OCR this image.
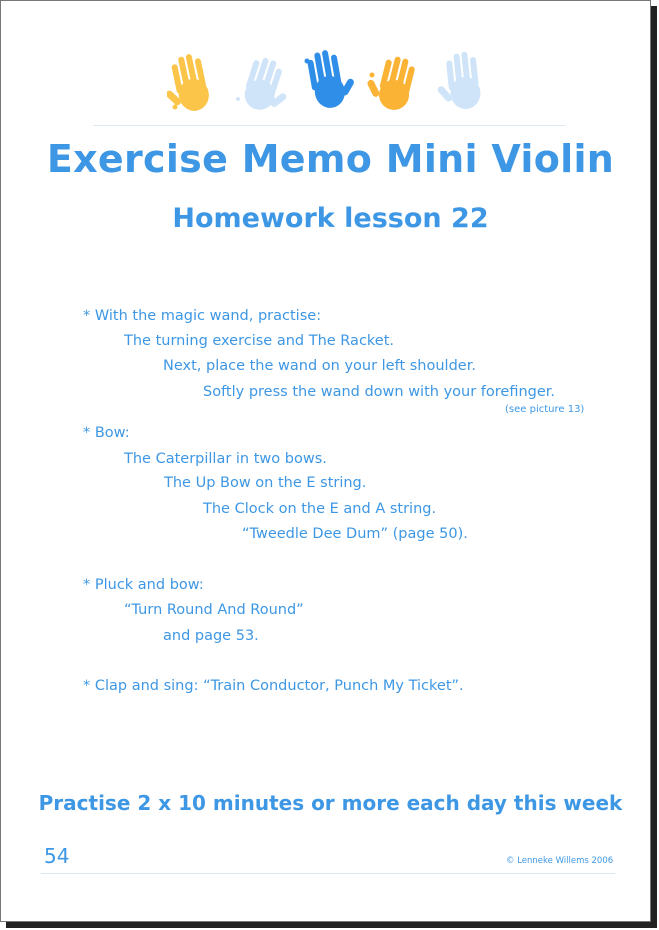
Exercise Memo Mini Violin
Homework lesson 22
* With the magic wand, practise:
The turning exercise and The Racket.
Next, place the wand on your left shoulder.
Softly press the wand down with your forefinger.
(see picture 13)
* Bow:
The Caterpillar in two bows.
The Up Bow on the E string.
The Clock on the E and A string.
“Tweedle Dee Dum” (page 50).
* Pluck and bow:
“Turn Round And Round”
and page 53.
* Clap and sing: “Train Conductor, Punch My Ticket”.
Practise 2 x 10 minutes or more each day this week
54	© Lenneke Willems 2006
